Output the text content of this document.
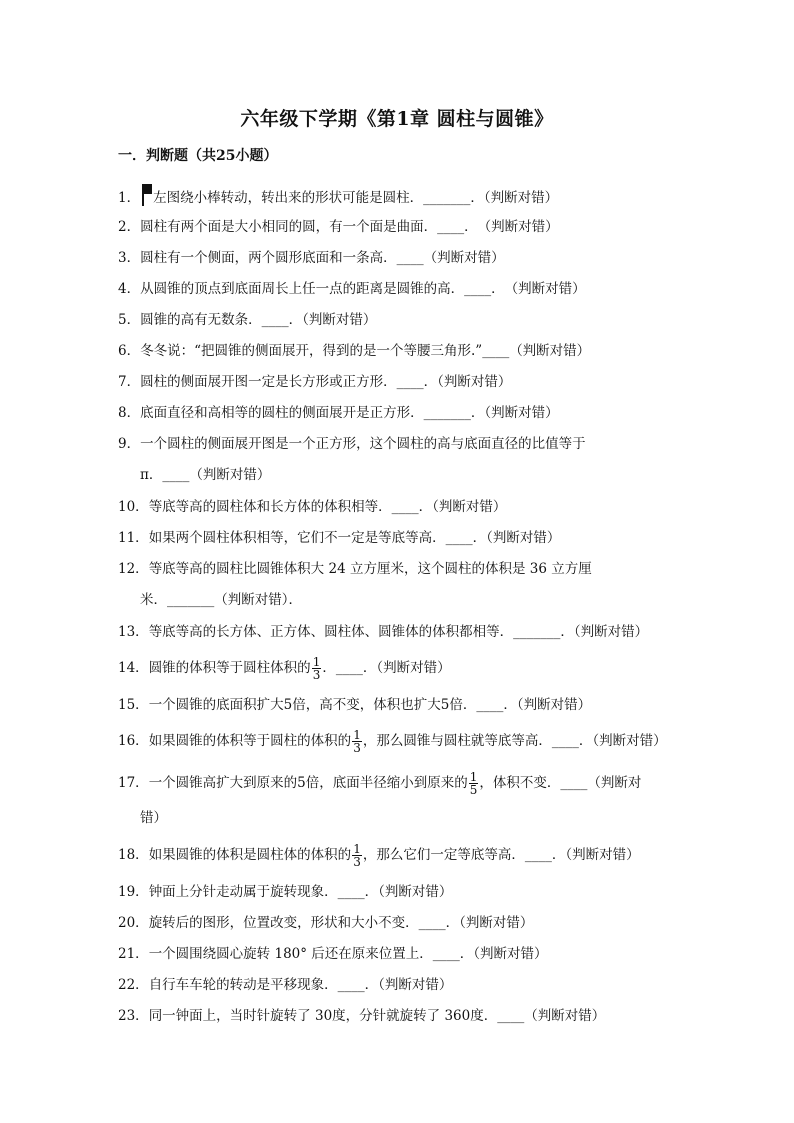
六年级下学期《第1章 圆柱与圆锥》
一．判断题（共25小题）
1． 左图绕小棒转动，转出来的形状可能是圆柱．_______．（判断对错）
2．圆柱有两个面是大小相同的圆，有一个面是曲面．____．　（判断对错）
3．圆柱有一个侧面，两个圆形底面和一条高．____（判断对错）
4．从圆锥的顶点到底面周长上任一点的距离是圆锥的高．____．　（判断对错）
5．圆锥的高有无数条．____．（判断对错）
6．冬冬说：“把圆锥的侧面展开，得到的是一个等腰三角形.”____（判断对错）
7．圆柱的侧面展开图一定是长方形或正方形．____．（判断对错）
8．底面直径和高相等的圆柱的侧面展开是正方形．_______．（判断对错）
9．一个圆柱的侧面展开图是一个正方形，这个圆柱的高与底面直径的比值等于
π．____（判断对错）
10．等底等高的圆柱体和长方体的体积相等．____．（判断对错）
11．如果两个圆柱体积相等，它们不一定是等底等高．____．（判断对错）
12．等底等高的圆柱比圆锥体积大 24 立方厘米，这个圆柱的体积是 36 立方厘
米．_______（判断对错）．
13．等底等高的长方体、正方体、圆柱体、圆锥体的体积都相等．_______．（判断对错）
14．圆锥的体积等于圆柱体积的 $\frac{1}{3}$ ．____．（判断对错）
15．一个圆锥的底面积扩大5倍，高不变，体积也扩大5倍．____．（判断对错）
16．如果圆锥的体积等于圆柱的体积的 $\frac{1}{3}$ ，那么圆锥与圆柱就等底等高．____．（判断对错）
17．一个圆锥高扩大到原来的5倍，底面半径缩小到原来的 $\frac{1}{5}$ ，体积不变．____（判断对
错）
18．如果圆锥的体积是圆柱体的体积的 $\frac{1}{3}$ ，那么它们一定等底等高．____．（判断对错）
19．钟面上分针走动属于旋转现象．____．（判断对错）
20．旋转后的图形，位置改变，形状和大小不变．____．（判断对错）
21．一个圆围绕圆心旋转 180° 后还在原来位置上．____．（判断对错）
22．自行车车轮的转动是平移现象．____．（判断对错）
23．同一钟面上，当时针旋转了 30度，分针就旋转了 360度．____（判断对错）
